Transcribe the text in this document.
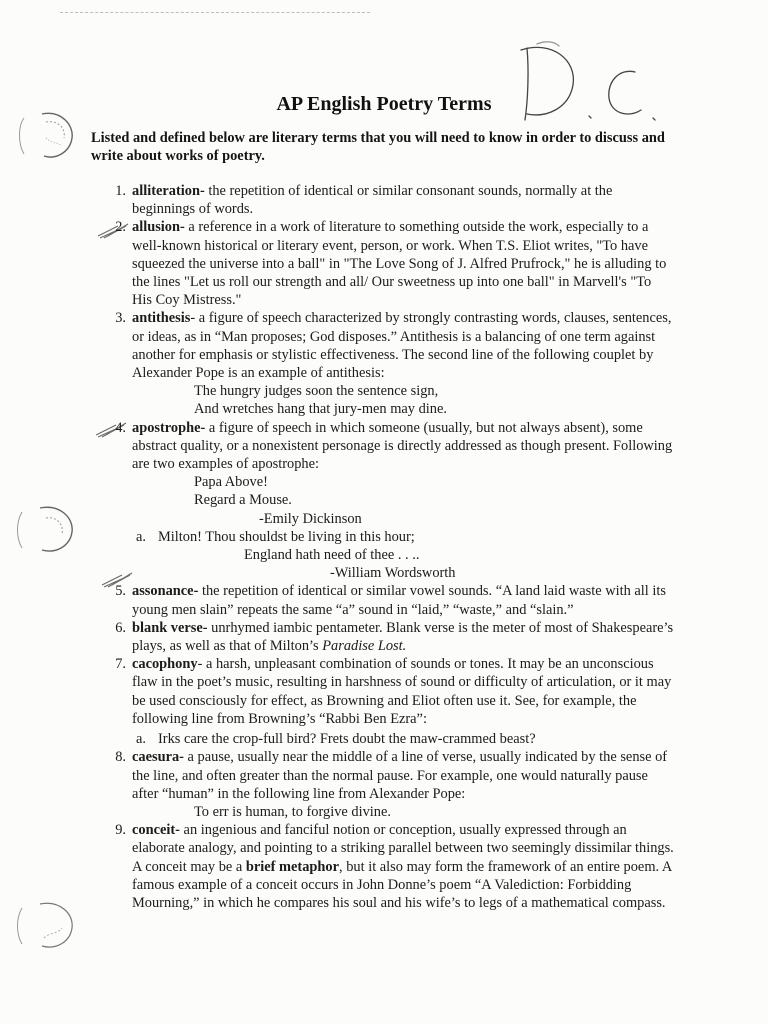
D. C.
AP English Poetry Terms
Listed and defined below are literary terms that you will need to know in order to discuss and write about works of poetry.
1. alliteration- the repetition of identical or similar consonant sounds, normally at the beginnings of words.
2. allusion- a reference in a work of literature to something outside the work, especially to a well-known historical or literary event, person, or work. When T.S. Eliot writes, "To have squeezed the universe into a ball" in "The Love Song of J. Alfred Prufrock," he is alluding to the lines "Let us roll our strength and all/ Our sweetness up into one ball" in Marvell's "To His Coy Mistress."
3. antithesis- a figure of speech characterized by strongly contrasting words, clauses, sentences, or ideas, as in “Man proposes; God disposes.” Antithesis is a balancing of one term against another for emphasis or stylistic effectiveness. The second line of the following couplet by Alexander Pope is an example of antithesis:
The hungry judges soon the sentence sign,
And wretches hang that jury-men may dine.
4. apostrophe- a figure of speech in which someone (usually, but not always absent), some abstract quality, or a nonexistent personage is directly addressed as though present. Following are two examples of apostrophe:
Papa Above!
Regard a Mouse.
-Emily Dickinson
a. Milton! Thou shouldst be living in this hour;
England hath need of thee . . ..
-William Wordsworth
5. assonance- the repetition of identical or similar vowel sounds. “A land laid waste with all its young men slain” repeats the same “a” sound in “laid,” “waste,” and “slain.”
6. blank verse- unrhymed iambic pentameter. Blank verse is the meter of most of Shakespeare’s plays, as well as that of Milton’s Paradise Lost.
7. cacophony- a harsh, unpleasant combination of sounds or tones. It may be an unconscious flaw in the poet’s music, resulting in harshness of sound or difficulty of articulation, or it may be used consciously for effect, as Browning and Eliot often use it. See, for example, the following line from Browning’s “Rabbi Ben Ezra”:
a. Irks care the crop-full bird? Frets doubt the maw-crammed beast?
8. caesura- a pause, usually near the middle of a line of verse, usually indicated by the sense of the line, and often greater than the normal pause. For example, one would naturally pause after “human” in the following line from Alexander Pope:
To err is human, to forgive divine.
9. conceit- an ingenious and fanciful notion or conception, usually expressed through an elaborate analogy, and pointing to a striking parallel between two seemingly dissimilar things. A conceit may be a brief metaphor, but it also may form the framework of an entire poem. A famous example of a conceit occurs in John Donne’s poem “A Valediction: Forbidding Mourning,” in which he compares his soul and his wife’s to legs of a mathematical compass.
